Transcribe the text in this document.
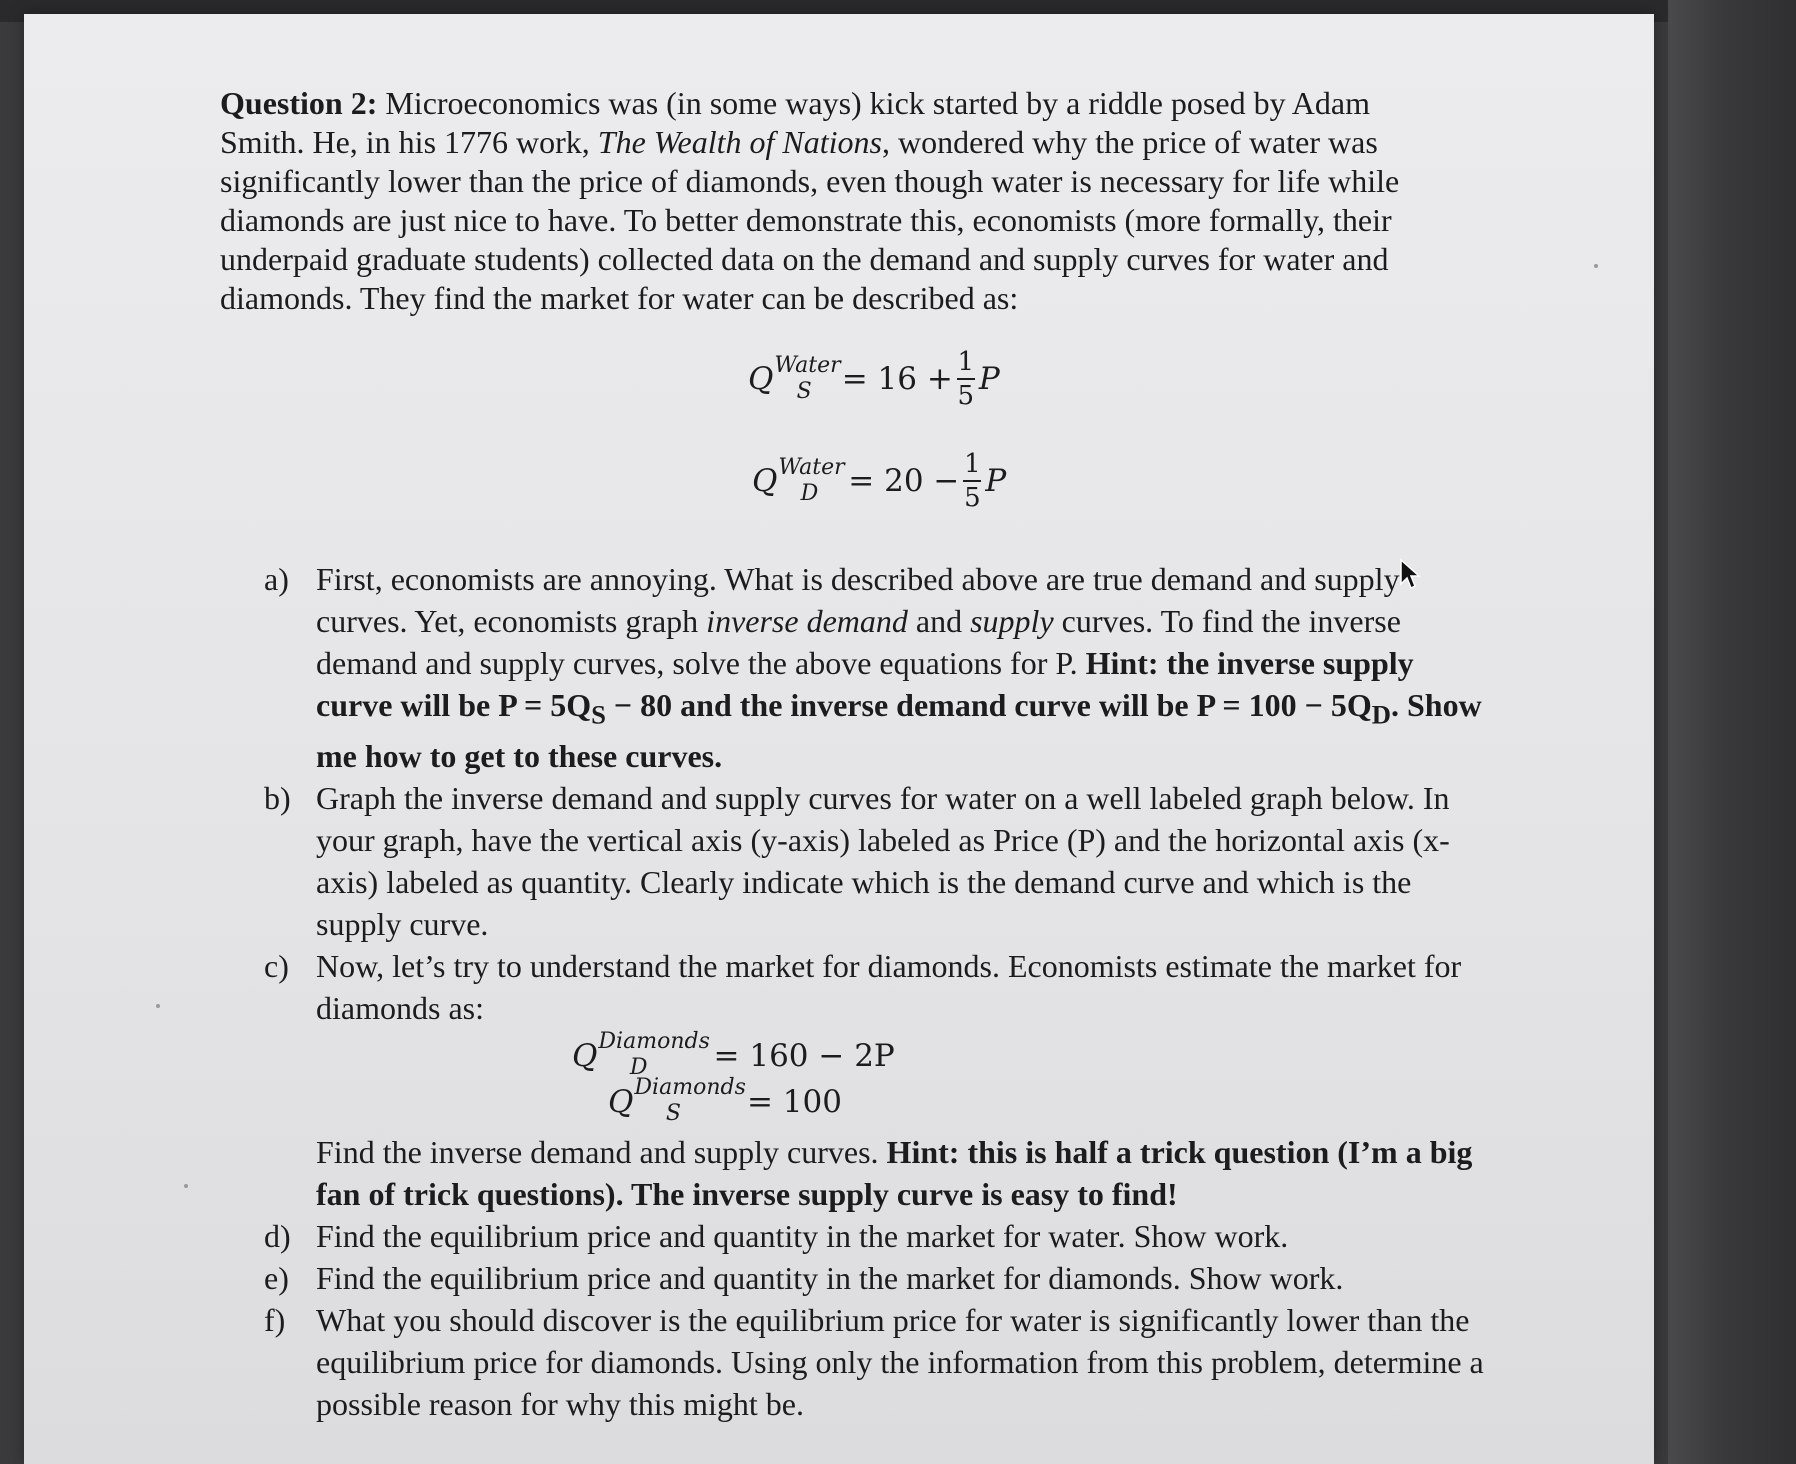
Question 2: Microeconomics was (in some ways) kick started by a riddle posed by Adam Smith. He, in his 1776 work, The Wealth of Nations, wondered why the price of water was significantly lower than the price of diamonds, even though water is necessary for life while diamonds are just nice to have. To better demonstrate this, economists (more formally, their underpaid graduate students) collected data on the demand and supply curves for water and diamonds. They find the market for water can be described as:

Q Water
$S = 16 + \frac{1}{5}$ P
Q Water
$D = 20 - \frac{1}{5}$ P
a) First, economists are annoying. What is described above are true demand and supply curves. Yet, economists graph inverse demand and supply curves. To find the inverse demand and supply curves, solve the above equations for P. Hint: the inverse supply curve will be $P = 5Q_S - 80$ and the inverse demand curve will be $P = 100 - 5Q_D$. Show me how to get to these curves.
b) Graph the inverse demand and supply curves for water on a well labeled graph below. In your graph, have the vertical axis (y-axis) labeled as Price (P) and the horizontal axis (x-axis) labeled as quantity. Clearly indicate which is the demand curve and which is the supply curve.
c) Now, let’s try to understand the market for diamonds. Economists estimate the market for diamonds as:
Q Diamonds
D = 160 − 2P
Q Diamonds
S = 100
Find the inverse demand and supply curves. Hint: this is half a trick question (I’m a big fan of trick questions). The inverse supply curve is easy to find!
d) Find the equilibrium price and quantity in the market for water. Show work.
e) Find the equilibrium price and quantity in the market for diamonds. Show work.
f) What you should discover is the equilibrium price for water is significantly lower than the equilibrium price for diamonds. Using only the information from this problem, determine a possible reason for why this might be.
